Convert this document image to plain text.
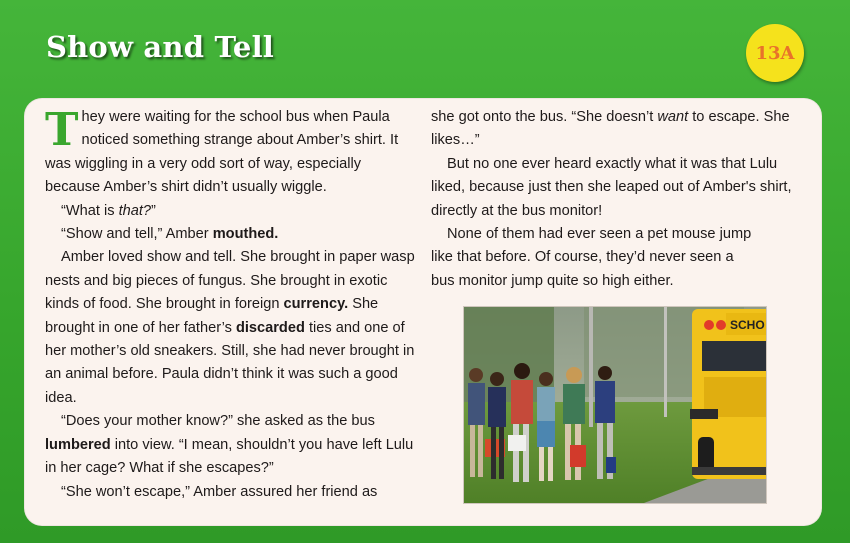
Show and Tell	13A

They were waiting for the school bus when Paula noticed something strange about Amber’s shirt. It was wiggling in a very odd sort of way, especially because Amber’s shirt didn’t usually wiggle.

“What is that?”

“Show and tell,” Amber mouthed.

Amber loved show and tell. She brought in paper wasp nests and big pieces of fungus. She brought in exotic kinds of food. She brought in foreign currency. She brought in one of her father’s discarded ties and one of her mother’s old sneakers. Still, she had never brought in an animal before. Paula didn’t think it was such a good idea.

“Does your mother know?” she asked as the bus lumbered into view. “I mean, shouldn’t you have left Lulu in her cage? What if she escapes?”

“She won’t escape,” Amber assured her friend as

she got onto the bus. “She doesn’t want to escape. She likes…”

But no one ever heard exactly what it was that Lulu liked, because just then she leaped out of Amber's shirt, directly at the bus monitor!

None of them had ever seen a pet mouse jump
like that before. Of course, they’d never seen a
bus monitor jump quite so high either.

SCHO
